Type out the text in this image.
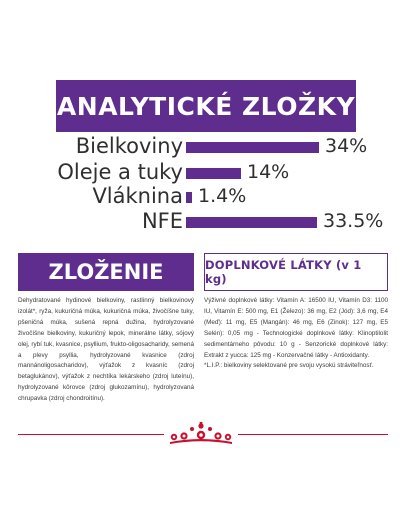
ANALYTICKÉ ZLOŽKY
Bielkoviny	34%
Oleje a tuky	14%
Vláknina 1.4%
NFE	33.5%
ZLOŽENIE	DOPLNKOVÉ LÁTKY (v 1 kg)

Dehydratované hydinové bielkoviny, rastlinný bielkovinový izolát*, ryža, kukuričná múka, kukuričná múka, živočíšne tuky, pšeničná múka, sušená repná dužina, hydrolyzované živočíšne bielkoviny, kukuričný lepok, minerálne látky, sójový olej, rybí tuk, kvasnice, psyllium, frukto-oligosacharidy, semená a plevy psyllia, hydrolyzované kvasnice (zdroj mannánoligosacharidov), výťažok z kvasníc (zdroj betaglukánov), výťažok z nechtíka lekárskeho (zdroj luteínu), hydrolyzované kôrovce (zdroj glukozamínu), hydrolyzovaná chrupavka (zdroj chondroitínu).

Výživné doplnkové látky: Vitamín A: 16500 IU, Vitamín D3: 1100 IU, Vitamín E: 500 mg, E1 (Železo): 36 mg, E2 (Jód): 3,6 mg, E4 (Meď): 11 mg, E5 (Mangán): 46 mg, E6 (Zinok): 127 mg, E5 Selén): 0,05 mg - Technologické doplnkové látky: Klinoptilolit sedimentárneho pôvodu: 10 g - Senzorické doplnkové látky: Extrakt z yucca: 125 mg - Konzervačné látky - Antioxidanty.

*L.I.P.: bielkoviny selektované pre svoju vysokú stráviteľnosť.
